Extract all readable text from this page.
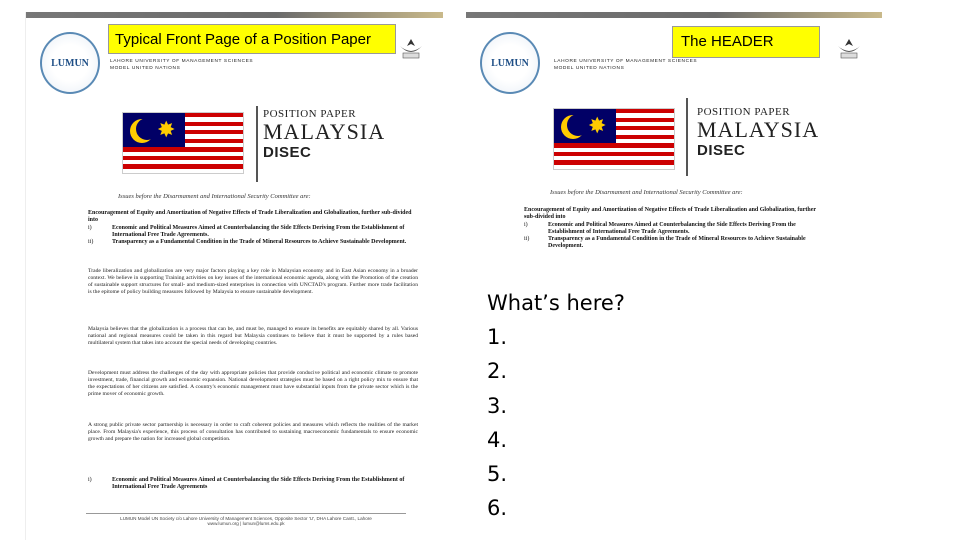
LUMUN	LAHORE UNIVERSITY OF MANAGEMENT SCIENCES
MODEL UNITED NATIONS
✸
POSITION PAPER
MALAYSIA
DISEC
Issues before the Disarmament and International Security Committee are:
Encouragement of Equity and Amortization of Negative Effects of Trade Liberalization and Globalization, further sub-divided into
i)	Economic and Political Measures Aimed at Counterbalancing the Side Effects Deriving From the Establishment of International Free Trade Agreements.
ii)	Transparency as a Fundamental Condition in the Trade of Mineral Resources to Achieve Sustainable Development.
Trade liberalization and globalization are very major factors playing a key role in Malaysian economy and in East Asian economy in a broader context. We believe in supporting Training activities on key issues of the international economic agenda, along with the Promotion of the creation of sustainable support structures for small- and medium-sized enterprises in connection with UNCTAD's program. Further more trade facilitation is the epitome of policy building measures followed by Malaysia to ensure sustainable development.
Malaysia believes that the globalization is a process that can be, and must be, managed to ensure its benefits are equitably shared by all. Various national and regional measures could be taken in this regard but Malaysia continues to believe that it must be supported by a rules based multilateral system that takes into account the special needs of developing countries.
Development must address the challenges of the day with appropriate policies that provide conducive political and economic climate to promote investment, trade, financial growth and economic expansion. National development strategies must be based on a right policy mix to ensure that the expectations of her citizens are satisfied. A country's economic management must have substantial inputs from the private sector which is the prime mover of economic growth.
A strong public private sector partnership is necessary in order to craft coherent policies and measures which reflects the realities of the market place. From Malaysia's experience, this process of consultation has contributed to sustaining macroeconomic fundamentals to ensure economic growth and prepare the nation for increased global competition.
i)	Economic and Political Measures Aimed at Counterbalancing the Side Effects Deriving From the Establishment of International Free Trade Agreements
LUMUN Model UN Society c/o Lahore University of Management Sciences, Opposite Sector 'U', DHA Lahore Cantt., Lahore
www.lumun.org | lumun@lums.edu.pk
LUMUN	LAHORE UNIVERSITY OF MANAGEMENT SCIENCES
MODEL UNITED NATIONS
✸
POSITION PAPER
MALAYSIA
DISEC
Issues before the Disarmament and International Security Committee are:
Encouragement of Equity and Amortization of Negative Effects of Trade Liberalization and Globalization, further sub-divided into
i)	Economic and Political Measures Aimed at Counterbalancing the Side Effects Deriving From the Establishment of International Free Trade Agreements.
ii)	Transparency as a Fundamental Condition in the Trade of Mineral Resources to Achieve Sustainable Development.
Typical Front Page of a Position Paper	The HEADER
What’s here?
1.
2.
3.
4.
5.
6.
